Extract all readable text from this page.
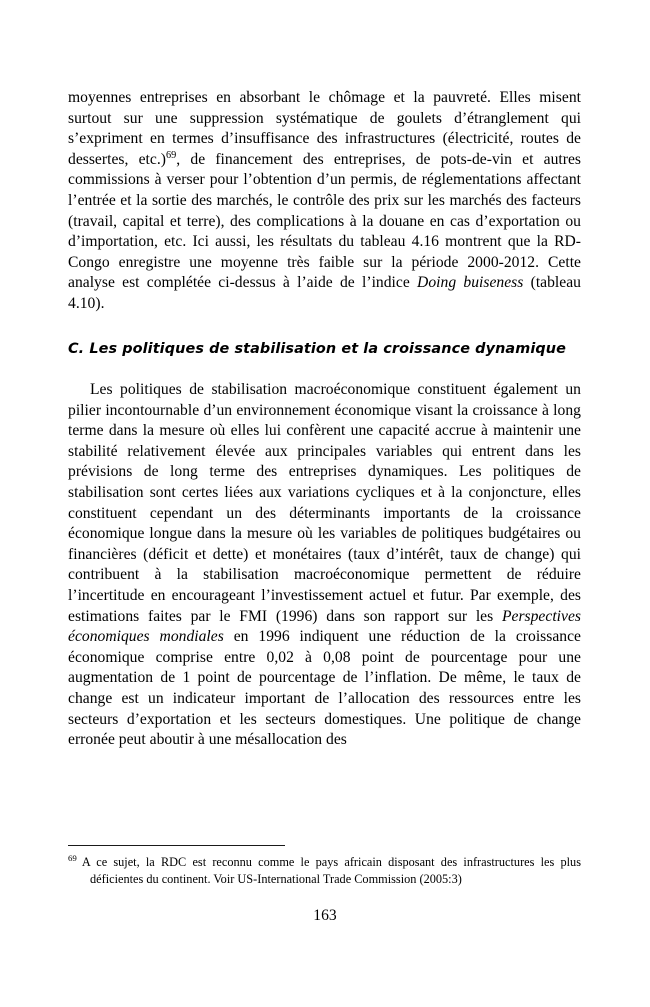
moyennes entreprises en absorbant le chômage et la pauvreté. Elles misent surtout sur une suppression systématique de goulets d’étranglement qui s’expriment en termes d’insuffisance des infrastructures (électricité, routes de dessertes, etc.)$^{69}$, de financement des entreprises, de pots-de-vin et autres commissions à verser pour l’obtention d’un permis, de réglementations affectant l’entrée et la sortie des marchés, le contrôle des prix sur les marchés des facteurs (travail, capital et terre), des complications à la douane en cas d’exportation ou d’importation, etc. Ici aussi, les résultats du tableau 4.16 montrent que la RD-Congo enregistre une moyenne très faible sur la période 2000-2012. Cette analyse est complétée ci-dessus à l’aide de l’indice Doing buiseness (tableau 4.10).

C. Les politiques de stabilisation et la croissance dynamique

Les politiques de stabilisation macroéconomique constituent également un pilier incontournable d’un environnement économique visant la croissance à long terme dans la mesure où elles lui confèrent une capacité accrue à maintenir une stabilité relativement élevée aux principales variables qui entrent dans les prévisions de long terme des entreprises dynamiques. Les politiques de stabilisation sont certes liées aux variations cycliques et à la conjoncture, elles constituent cependant un des déterminants importants de la croissance économique longue dans la mesure où les variables de politiques budgétaires ou financières (déficit et dette) et monétaires (taux d’intérêt, taux de change) qui contribuent à la stabilisation macroéconomique permettent de réduire l’incertitude en encourageant l’investissement actuel et futur. Par exemple, des estimations faites par le FMI (1996) dans son rapport sur les Perspectives économiques mondiales en 1996 indiquent une réduction de la croissance économique comprise entre 0,02 à 0,08 point de pourcentage pour une augmentation de 1 point de pourcentage de l’inflation. De même, le taux de change est un indicateur important de l’allocation des ressources entre les secteurs d’exportation et les secteurs domestiques. Une politique de change erronée peut aboutir à une mésallocation des

$^{69}$ A ce sujet, la RDC est reconnu comme le pays africain disposant des infrastructures les plus déficientes du continent. Voir US-International Trade Commission (2005:3)

163
